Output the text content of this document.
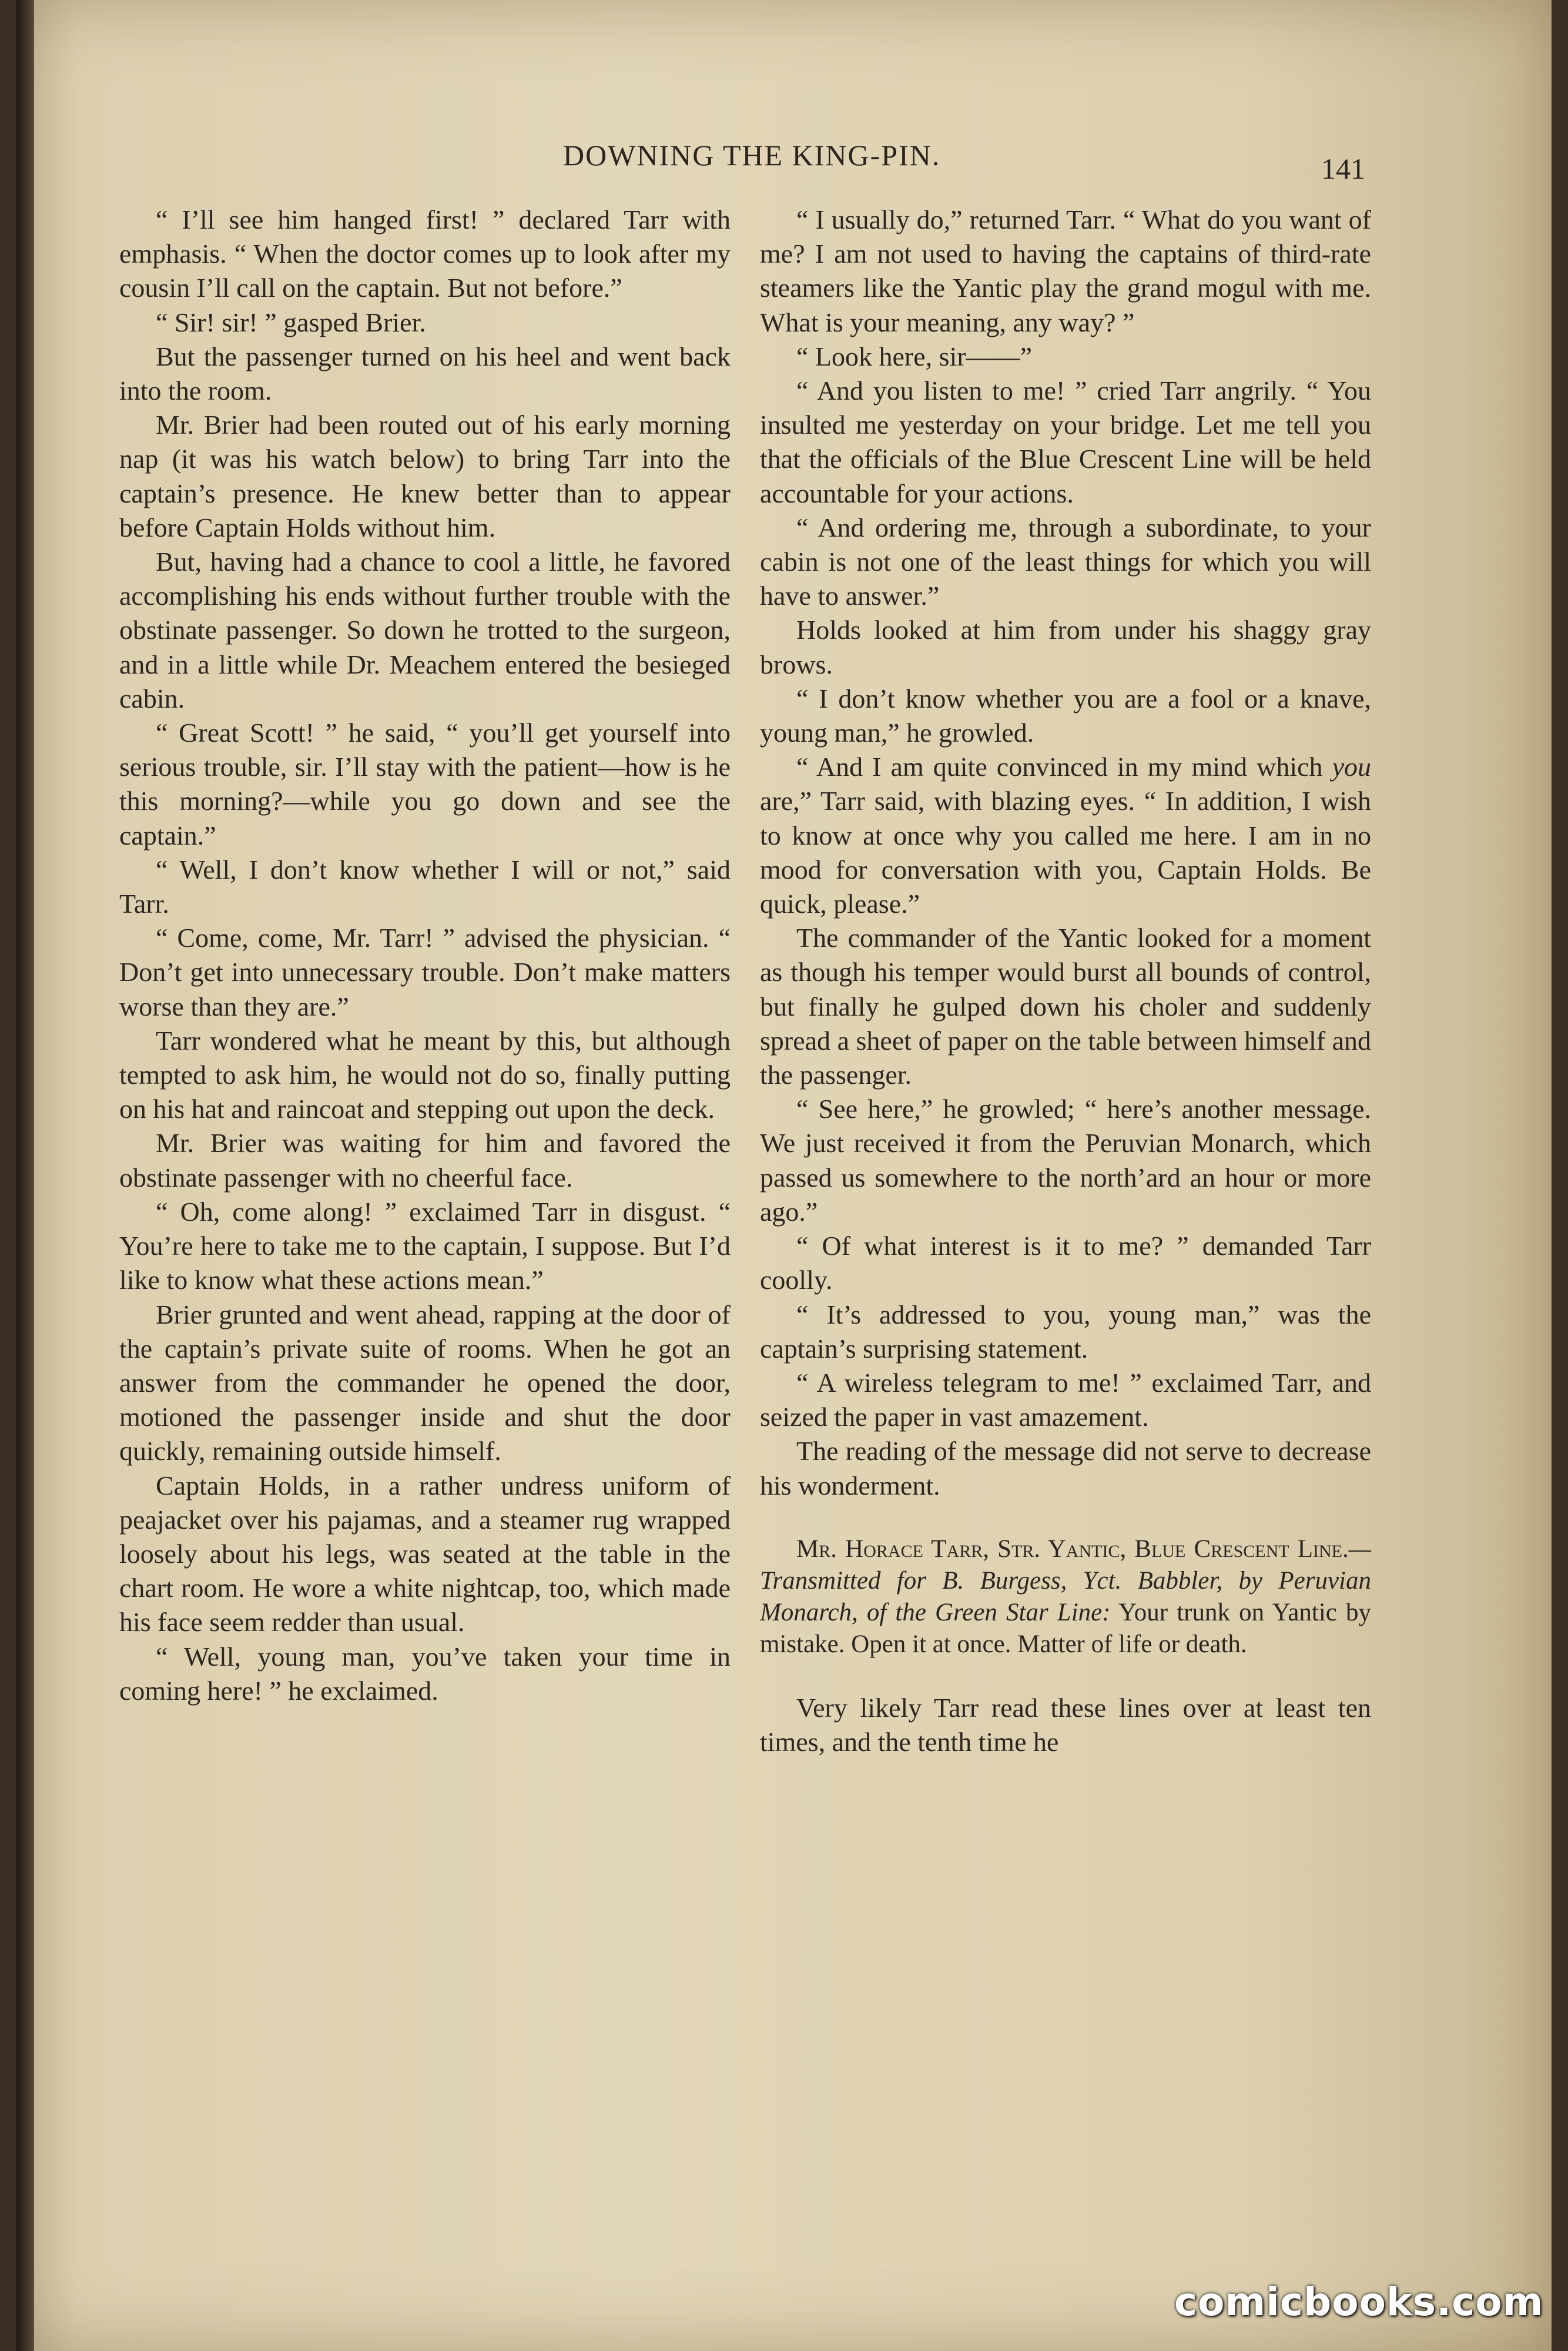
DOWNING THE KING-PIN.	141

“ I’ll see him hanged first! ” declared Tarr with emphasis. “ When the doctor comes up to look after my cousin I’ll call on the captain. But not before.”

“ Sir! sir! ” gasped Brier.

But the passenger turned on his heel and went back into the room.

Mr. Brier had been routed out of his early morning nap (it was his watch below) to bring Tarr into the captain’s presence. He knew better than to appear before Captain Holds without him.

But, having had a chance to cool a little, he favored accomplishing his ends without further trouble with the obstinate passenger. So down he trotted to the surgeon, and in a little while Dr. Meachem entered the besieged cabin.

“ Great Scott! ” he said, “ you’ll get yourself into serious trouble, sir. I’ll stay with the patient—how is he this morning?—while you go down and see the captain.”

“ Well, I don’t know whether I will or not,” said Tarr.

“ Come, come, Mr. Tarr! ” advised the physician. “ Don’t get into unnecessary trouble. Don’t make matters worse than they are.”

Tarr wondered what he meant by this, but although tempted to ask him, he would not do so, finally putting on his hat and raincoat and stepping out upon the deck.

Mr. Brier was waiting for him and favored the obstinate passenger with no cheerful face.

“ Oh, come along! ” exclaimed Tarr in disgust. “ You’re here to take me to the captain, I suppose. But I’d like to know what these actions mean.”

Brier grunted and went ahead, rapping at the door of the captain’s private suite of rooms. When he got an answer from the commander he opened the door, motioned the passenger inside and shut the door quickly, remaining outside himself.

Captain Holds, in a rather undress uniform of peajacket over his pajamas, and a steamer rug wrapped loosely about his legs, was seated at the table in the chart room. He wore a white nightcap, too, which made his face seem redder than usual.

“ Well, young man, you’ve taken your time in coming here! ” he exclaimed.

“ I usually do,” returned Tarr. “ What do you want of me? I am not used to having the captains of third-rate steamers like the Yantic play the grand mogul with me. What is your meaning, any way? ”

“ Look here, sir——”

“ And you listen to me! ” cried Tarr angrily. “ You insulted me yesterday on your bridge. Let me tell you that the officials of the Blue Crescent Line will be held accountable for your actions.

“ And ordering me, through a subordinate, to your cabin is not one of the least things for which you will have to answer.”

Holds looked at him from under his shaggy gray brows.

“ I don’t know whether you are a fool or a knave, young man,” he growled.

“ And I am quite convinced in my mind which you are,” Tarr said, with blazing eyes. “ In addition, I wish to know at once why you called me here. I am in no mood for conversation with you, Captain Holds. Be quick, please.”

The commander of the Yantic looked for a moment as though his temper would burst all bounds of control, but finally he gulped down his choler and suddenly spread a sheet of paper on the table between himself and the passenger.

“ See here,” he growled; “ here’s another message. We just received it from the Peruvian Monarch, which passed us somewhere to the north’ard an hour or more ago.”

“ Of what interest is it to me? ” demanded Tarr coolly.

“ It’s addressed to you, young man,” was the captain’s surprising statement.

“ A wireless telegram to me! ” exclaimed Tarr, and seized the paper in vast amazement.

The reading of the message did not serve to decrease his wonderment.

Mr. Horace Tarr, Str. Yantic, Blue Crescent Line.—Transmitted for B. Burgess, Yct. Babbler, by Peruvian Monarch, of the Green Star Line: Your trunk on Yantic by mistake. Open it at once. Matter of life or death.

Very likely Tarr read these lines over at least ten times, and the tenth time he

comicbooks.com
